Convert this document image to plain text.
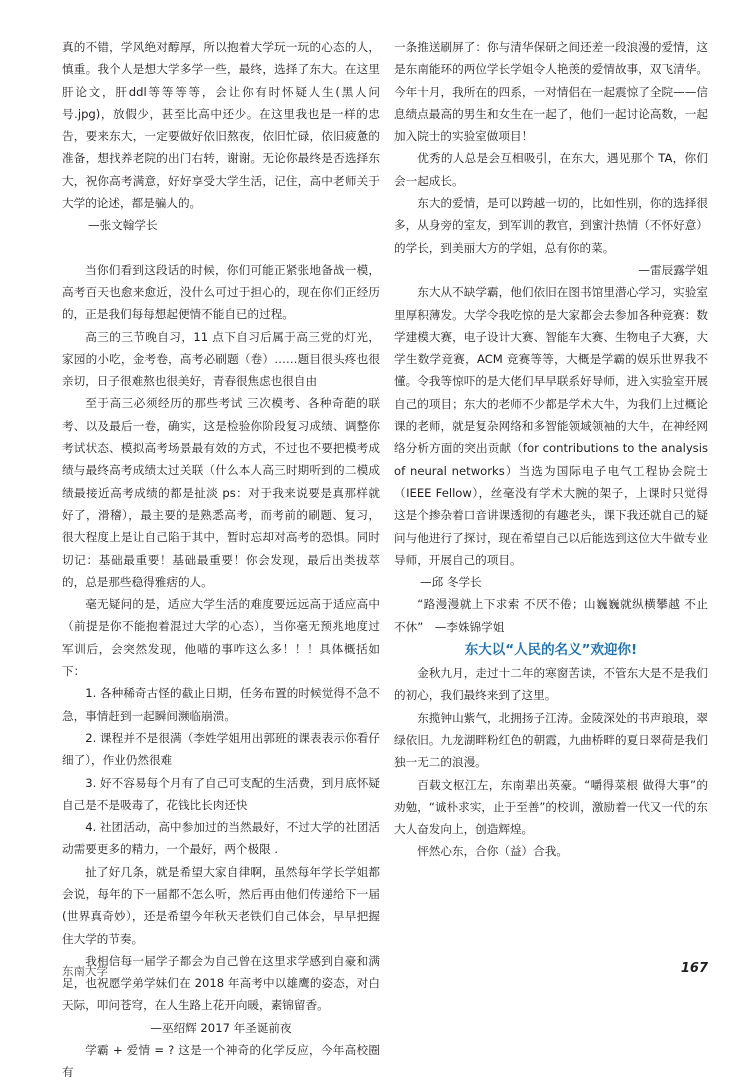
真的不错，学风绝对醇厚，所以抱着大学玩一玩的心态的人，慎重。我个人是想大学多学一些，最终，选择了东大。在这里肝论文，肝ddl等等等等，会让你有时怀疑人生(黑人问号.jpg)，放假少，甚至比高中还少。在这里我也是一样的忠告，要来东大，一定要做好依旧熬夜，依旧忙碌，依旧疲惫的准备，想找养老院的出门右转，谢谢。无论你最终是否选择东大，祝你高考满意，好好享受大学生活，记住，高中老师关于大学的论述，都是骗人的。

—张文翰学长

当你们看到这段话的时候，你们可能正紧张地备战一模，高考百天也愈来愈近，没什么可过于担心的，现在你们正经历的，正是我们每每想起便情不能自已的过程。

高三的三节晚自习，11 点下自习后属于高三党的灯光，家园的小吃，金考卷，高考必刷题（卷）……题目很头疼也很亲切，日子很难熬也很美好，青春很焦虑也很自由

至于高三必须经历的那些考试 三次模考、各种奇葩的联考、以及最后一卷，确实，这是检验你阶段复习成绩、调整你考试状态、模拟高考场景最有效的方式，不过也不要把模考成绩与最终高考成绩太过关联（什么本人高三时期听到的二模成绩最接近高考成绩的都是扯淡 ps：对于我来说要是真那样就好了，滑稽），最主要的是熟悉高考，而考前的刷题、复习，很大程度上是让自己陷于其中，暂时忘却对高考的恐惧。同时切记：基础最重要！基础最重要！你会发现，最后出类拔萃的，总是那些稳得雅痞的人。

毫无疑问的是，适应大学生活的难度要远远高于适应高中（前提是你不能抱着混过大学的心态），当你毫无预兆地度过军训后，会突然发现，他喵的事咋这么多！！！具体概括如下：

1. 各种稀奇古怪的截止日期，任务布置的时候觉得不急不急，事情赶到一起瞬间濒临崩溃。

2. 课程并不是很满（李姓学姐用出郭班的课表表示你看仔细了），作业仍然很难

3. 好不容易每个月有了自己可支配的生活费，到月底怀疑自己是不是吸毒了，花钱比长肉还快

4. 社团活动，高中参加过的当然最好，不过大学的社团活动需要更多的精力，一个最好，两个极限 .

扯了好几条，就是希望大家自律啊，虽然每年学长学姐都会说，每年的下一届都不怎么听，然后再由他们传递给下一届(世界真奇妙），还是希望今年秋天老铁们自己体会，早早把握住大学的节奏。

我相信每一届学子都会为自己曾在这里求学感到自豪和满足，也祝愿学弟学妹们在 2018 年高考中以雄鹰的姿态，对白天际，叩问苍穹，在人生路上花开向暖，素锦留香。

—巫绍辉 2017 年圣诞前夜

学霸 + 爱情 = ? 这是一个神奇的化学反应，今年高校圈有

一条推送刷屏了：你与清华保研之间还差一段浪漫的爱情，这是东南能环的两位学长学姐令人艳羡的爱情故事，双飞清华。今年十月，我所在的四系，一对情侣在一起震惊了全院——信息绩点最高的男生和女生在一起了，他们一起讨论高数，一起加入院士的实验室做项目！

优秀的人总是会互相吸引，在东大，遇见那个 TA，你们会一起成长。

东大的爱情，是可以跨越一切的，比如性别，你的选择很多，从身旁的室友，到军训的教官，到蜜汁热情（不怀好意）的学长，到美丽大方的学姐，总有你的菜。

—雷辰露学姐

东大从不缺学霸，他们依旧在图书馆里潜心学习，实验室里厚积薄发。大学令我吃惊的是大家都会去参加各种竞赛：数学建模大赛，电子设计大赛、智能车大赛、生物电子大赛，大学生数学竞赛，ACM 竞赛等等，大概是学霸的娱乐世界我不懂。令我等惊吓的是大佬们早早联系好导师，进入实验室开展自己的项目；东大的老师不少都是学术大牛，为我们上过概论课的老师，就是复杂网络和多智能领域领袖的大牛，在神经网络分析方面的突出贡献（for contributions to the analysis of neural networks）当选为国际电子电气工程协会院士（IEEE Fellow），丝毫没有学术大腕的架子，上课时只觉得这是个掺杂着口音讲课透彻的有趣老头，课下我还就自己的疑问与他进行了探讨，现在希望自己以后能选到这位大牛做专业导师，开展自己的项目。

—邱 冬学长

“路漫漫就上下求索 不厌不倦；山巍巍就纵横攀越 不止不休”　—李姝锦学姐

东大以“人民的名义”欢迎你!

金秋九月，走过十二年的寒窗苦读，不管东大是不是我们的初心，我们最终来到了这里。

东揽钟山紫气，北拥扬子江涛。金陵深处的书声琅琅，翠绿依旧。九龙湖畔粉红色的朝霞，九曲桥畔的夏日翠荷是我们独一无二的浪漫。

百载文枢江左，东南辈出英豪。“嚼得菜根 做得大事”的劝勉，“诚朴求实，止于至善”的校训，激励着一代又一代的东大人奋发向上，创造辉煌。

怦然心东，合你（益）合我。

东南大学	167
